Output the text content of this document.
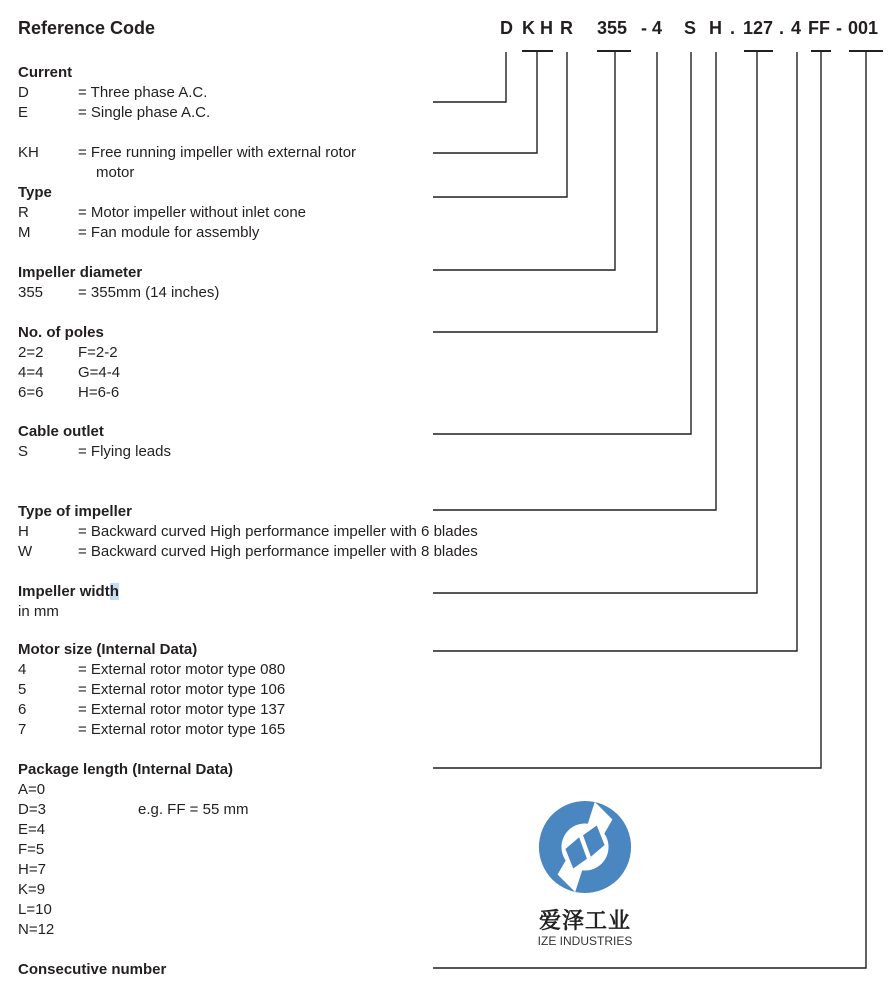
Reference Code	D K H R 355 - 4 S H . 127 . 4 FF - 001
Current
D	= Three phase A.C.
E	= Single phase A.C.
KH	= Free running impeller with external rotor
motor
Type
R	= Motor impeller without inlet cone
M	= Fan module for assembly
Impeller diameter
355 = 355mm (14 inches)
No. of poles
2=2 F=2-2
4=4 G=4-4
6=6 H=6-6
Cable outlet
S	= Flying leads
Type of impeller
H	= Backward curved High performance impeller with 6 blades
W	= Backward curved High performance impeller with 8 blades
Impeller width
in mm
Motor size (Internal Data)
4	= External rotor motor type 080
5	= External rotor motor type 106
6	= External rotor motor type 137
7	= External rotor motor type 165
Package length (Internal Data)
A=0
D=3	e.g. FF = 55 mm
E=4
F=5
H=7
K=9
L=10
N=12
Consecutive number
爱泽工业
IZE INDUSTRIES
